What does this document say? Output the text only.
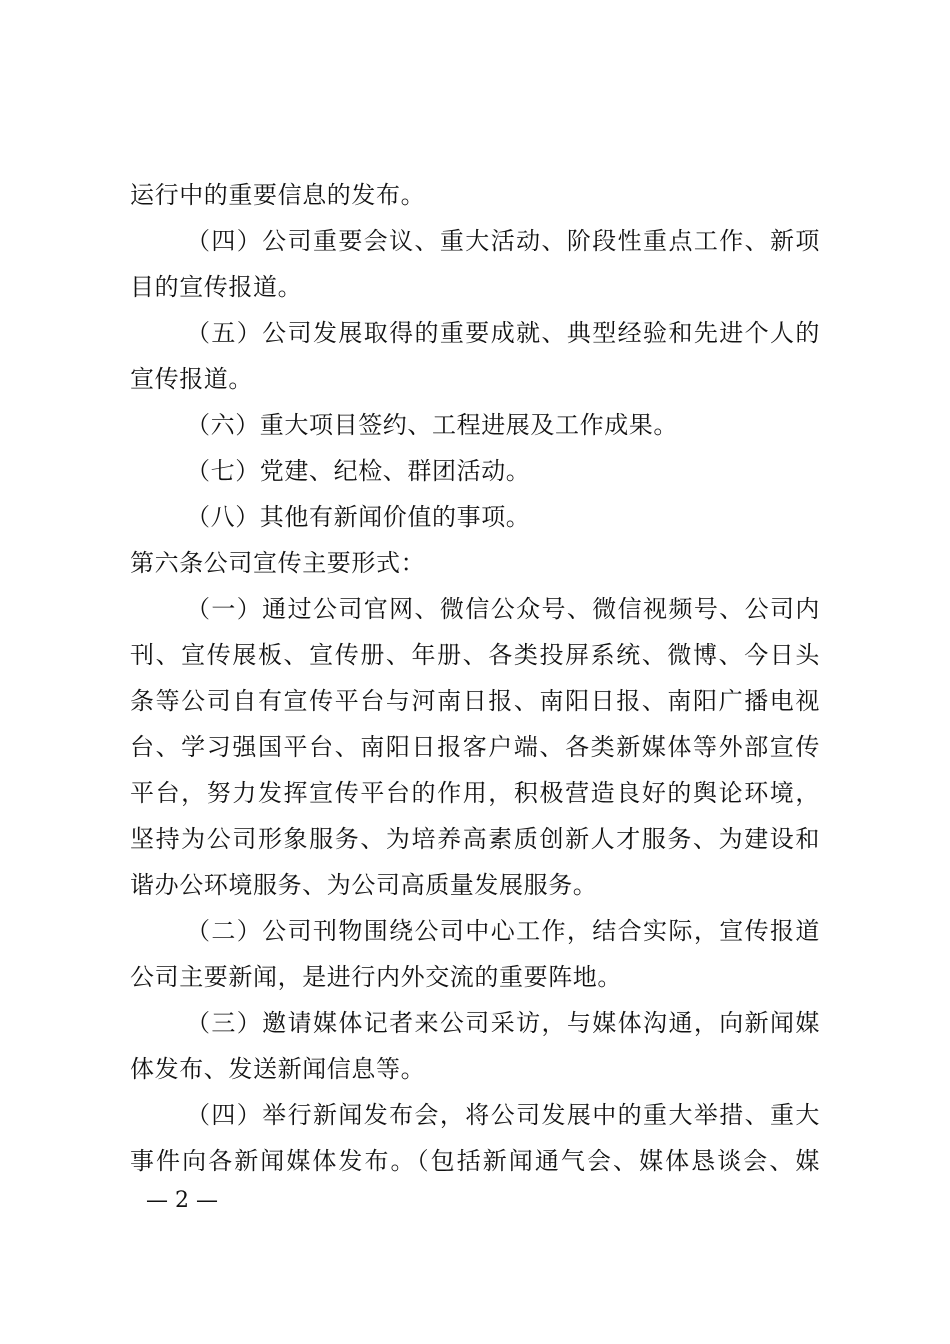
运行中的重要信息的发布。
（四）公司重要会议、重大活动、阶段性重点工作、新项
目的宣传报道。
（五）公司发展取得的重要成就、典型经验和先进个人的
宣传报道。
（六）重大项目签约、工程进展及工作成果。
（七）党建、纪检、群团活动。
（八）其他有新闻价值的事项。
第六条公司宣传主要形式：
（一）通过公司官网、微信公众号、微信视频号、公司内
刊、宣传展板、宣传册、年册、各类投屏系统、微博、今日头
条等公司自有宣传平台与河南日报、南阳日报、南阳广播电视
台、学习强国平台、南阳日报客户端、各类新媒体等外部宣传
平台，努力发挥宣传平台的作用，积极营造良好的舆论环境，
坚持为公司形象服务、为培养高素质创新人才服务、为建设和
谐办公环境服务、为公司高质量发展服务。
（二）公司刊物围绕公司中心工作，结合实际，宣传报道
公司主要新闻，是进行内外交流的重要阵地。
（三）邀请媒体记者来公司采访，与媒体沟通，向新闻媒
体发布、发送新闻信息等。
（四）举行新闻发布会，将公司发展中的重大举措、重大
事件向各新闻媒体发布。（包括新闻通气会、媒体恳谈会、媒
— 2 —
